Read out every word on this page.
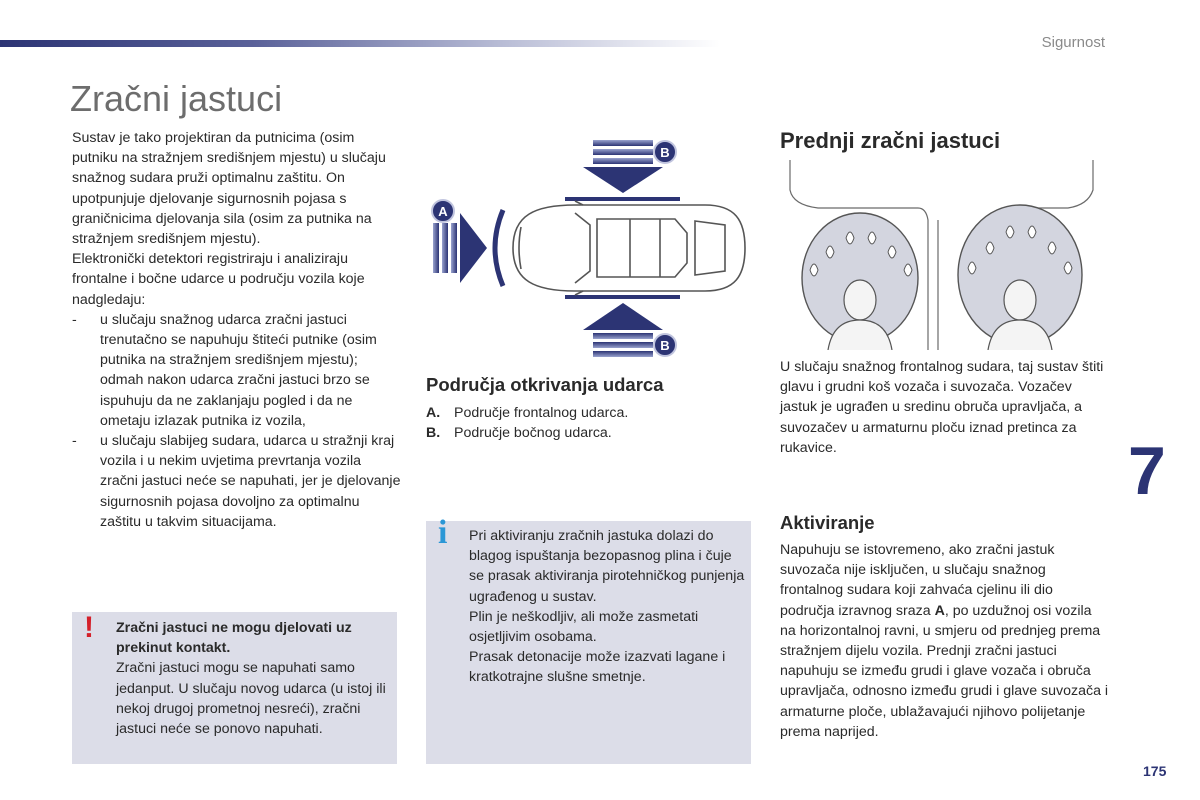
Sigurnost
Zračni jastuci

Sustav je tako projektiran da putnicima (osim putniku na stražnjem središnjem mjestu) u slučaju snažnog sudara pruži optimalnu zaštitu. On upotpunjuje djelovanje sigurnosnih pojasa s graničnicima djelovanja sila (osim za putnika na stražnjem središnjem mjestu).

Elektronički detektori registriraju i analiziraju frontalne i bočne udarce u području vozila koje nadgledaju:

- u slučaju snažnog udarca zračni jastuci trenutačno se napuhuju štiteći putnike (osim putnika na stražnjem središnjem mjestu); odmah nakon udarca zračni jastuci brzo se ispuhuju da ne zaklanjaju pogled i da ne ometaju izlazak putnika iz vozila,
- u slučaju slabijeg sudara, udarca u stražnji kraj vozila i u nekim uvjetima prevrtanja vozila zračni jastuci neće se napuhati, jer je djelovanje sigurnosnih pojasa dovoljno za optimalnu zaštitu u takvim situacijama.
! Zračni jastuci ne mogu djelovati uz prekinut kontakt.
Zračni jastuci mogu se napuhati samo jedanput. U slučaju novog udarca (u istoj ili nekoj drugoj prometnoj nesreći), zračni jastuci neće se ponovo napuhati.
A
B
B
Područja otkrivanja udarca
A. Područje frontalnog udarca.
B. Područje bočnog udarca.
i Pri aktiviranju zračnih jastuka dolazi do blagog ispuštanja bezopasnog plina i čuje se prasak aktiviranja pirotehničkog punjenja ugrađenog u sustav.

Plin je neškodljiv, ali može zasmetati osjetljivim osobama.

Prasak detonacije može izazvati lagane i kratkotrajne slušne smetnje.

Prednji zračni jastuci

U slučaju snažnog frontalnog sudara, taj sustav štiti glavu i grudni koš vozača i suvozača. Vozačev jastuk je ugrađen u sredinu obruča upravljača, a suvozačev u armaturnu ploču iznad pretinca za rukavice.

Aktiviranje

Napuhuju se istovremeno, ako zračni jastuk suvozača nije isključen, u slučaju snažnog frontalnog sudara koji zahvaća cjelinu ili dio područja izravnog sraza A, po uzdužnoj osi vozila na horizontalnoj ravni, u smjeru od prednjeg prema stražnjem dijelu vozila. Prednji zračni jastuci napuhuju se između grudi i glave vozača i obruča upravljača, odnosno između grudi i glave suvozača i armaturne ploče, ublažavajući njihovo polijetanje prema naprijed.

7
175
